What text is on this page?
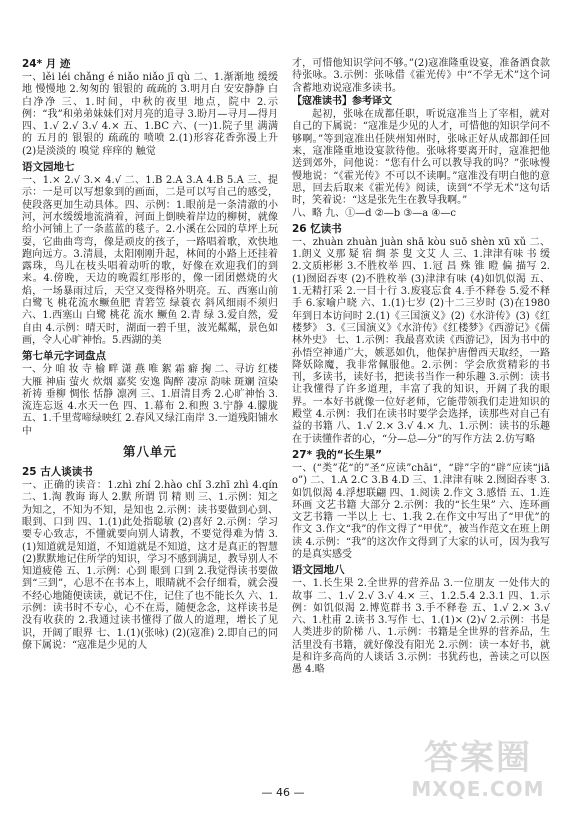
24* 月 迹

一、lěi léi chǎng é niǎo niǎo jī qù 二、1.渐渐地 缓缓地 慢慢地 2.匆匆的 银银的 疏疏的 3.明月白 安安静静 白白净净 三、1.时间，中秋的夜里 地点，院中 2.示例：“我”和弟弟妹妹们对月亮的追寻 3.盼月—寻月—得月 四、1.√ 2.√ 3.√ 4.× 五、1.BC 六、(一)1.院子里 满满的 五月的 银银的 疏疏的 喷喷 2.(1)形容花香弥漫上升 (2)是淡淡的 嗅觉 痒痒的 触觉

语文园地七

一、1.× 2.√ 3.× 4.√ 二、1.B 2.A 3.A 4.B 5.A 三、提示：一是可以写想象到的画面，二是可以写自己的感受，使段落更加生动具体。四、示例：1.眼前是一条清澈的小河，河水缓缓地流淌着，河面上倒映着岸边的柳树，就像给小河铺上了一条蓝蓝的毯子。2.小溪在公园的草坪上玩耍，它曲曲弯弯，像是顽皮的孩子，一路唱着歌，欢快地跑向远方。3.清晨，太阳刚刚升起，林间的小路上还挂着露珠，鸟儿在枝头唱着动听的歌，好像在欢迎我们的到来。4.傍晚，天边的晚霞红彤彤的，像一团团燃烧的火焰，一场暴雨过后，天空又变得格外明亮。五、西塞山前白鹭飞 桃花流水鳜鱼肥 青箬笠 绿蓑衣 斜风细雨不须归 六、1.西塞山 白鹭 桃花 流水 鳜鱼 2.青 绿 3.爱自然，爱自由 4.示例：晴天时，湖面一碧千里，波光粼粼，景色如画，令人心旷神怡。5.西湖的美

第七单元字词盘点

一、分 咱 妆 寺 榆 畔 潇 燕 唯 絮 霜 癖 掬 二、寻访 红楼 大雁 神庙 萤火 炊烟 嘉奖 安逸 陶醉 凄凉 韵味 斑斓 渲染 祈祷 垂柳 惆怅 恬静 凛冽 三、1.眉清目秀 2.心旷神怡 3.流连忘返 4.水天一色 四、1.幕布 2.和煦 3.宁静 4.朦胧 五、1.千里莺啼绿映红 2.春风又绿江南岸 3.一道残阳铺水中

第八单元
25 古人谈读书

一、正确的读音：1.zhì zhí 2.hào chǐ 3.zhī zhì 4.qín 二、1.淘 教诲 诲人 2.默 所谓 罚 精 则 三、1.示例：知之为知之，不知为不知，是知也 2.示例：读书要做到心到、眼到、口到 四、1.(1)此处指聪敏 (2)喜好 2.示例：学习要专心致志，不懂就要向别人请教，不要觉得难为情 3.(1)知道就是知道，不知道就是不知道，这才是真正的智慧 (2)默默地记住所学的知识，学习不感到满足，教导别人不知道疲倦 五、1.示例：心到 眼到 口到 2.我觉得读书要做到“三到”，心思不在书本上，眼睛就不会仔细看，就会漫不经心地随便读读，就记不住，记住了也不能长久 六、1.示例：读书时不专心，心不在焉，随便念念，这样读书是没有收获的 2.我通过读书懂得了做人的道理，增长了见识，开阔了眼界 七、1.(1)(张咏) (2)(寇准) 2.即自己的同僚下属说：“寇准是少见的人

才，可惜他知识学问不够。”(2)寇准隆重设宴，准备酒食款待张咏。3.示例：张咏借《霍光传》中“不学无术”这个词含蓄地劝说寇准多读书。

【寇准读书】参考译文

起初，张咏在成都任职，听说寇准当上了宰相，就对自己的下属说：“寇准是少见的人才，可惜他的知识学问不够啊。”等到寇准出任陕州知州时，张咏正好从成都卸任回来，寇准隆重地设宴款待他。张咏将要离开时，寇准把他送到郊外，问他说：“您有什么可以教导我的吗？”张咏慢慢地说：“《霍光传》不可以不读啊。”寇准没有明白他的意思，回去后取来《霍光传》阅读，读到“不学无术”这句话时，笑着说：“这是张先生在教导我啊。”

八、略 九、①—d ②—b ③—a ④—c

26 忆读书

一、zhuàn zhuàn juàn shā kòu suō shèn xū xǔ 二、1.朗义 义那 疑 宿 绸 茶 叟 文艾 人 三、1.津津有味 书 缓 2.文质彬彬 3.不胜枚举 四、1.冠 昌 殊 锥 瞪 偏 描写 2.(1)囫囵吞枣 (2)不胜枚举 (3)津津有味 (4)如饥似渴 五、1.无精打采 2.一目十行 3.废寝忘食 4.手不释卷 5.爱不释手 6.家喻户晓 六、1.(1)七岁 (2)十二三岁时 (3)在1980年到日本访问时 2.(1)《三国演义》(2)《水浒传》(3)《红楼梦》 3.《三国演义》《水浒传》《红楼梦》《西游记》《儒林外史》 七、1.示例：我最喜欢读《西游记》，因为书中的孙悟空神通广大，嫉恶如仇，他保护唐僧西天取经，一路降妖除魔，我非常佩服他。2.示例：学会欣赏精彩的书刊，多读书，读好书，把读书当作一种乐趣 3.示例：读书让我懂得了许多道理，丰富了我的知识，开阔了我的眼界。一本好书就像一位好老师，它能带领我们走进知识的殿堂 4.示例：我们在读书时要学会选择，读那些对自己有益的书籍 八、1.√ 2.× 3.√ 4.× 九、1.示例：读书的乐趣在于读懂作者的心，“分—总—分”的写作方法 2.仿写略

27* 我的“长生果”

一、(“类”花“的”圣“应读”chāi“，“辟”字的“辟”应读“jiāo”) 二、1.A 2.C 3.B 4.D 三、1.津津有味 2.囫囵吞枣 3.如饥似渴 4.浮想联翩 四、1.阅读 2.作文 3.感悟 五、1.连环画 文艺书籍 大部分 2.示例：我的“长生果” 六、连环画 文艺书籍 一半以上 七、1.我 2.在作文中写出了“甲优”的作文 3.作文“我”的作文得了“甲优”，被当作范文在班上朗读 4.示例：“我”的这次作文得到了大家的认可，因为我写的是真实感受

语文园地八

一、1.长生果 2.全世界的营养品 3.一位朋友 一处伟大的故事 二、1.√ 2.√ 3.√ 4.× 三、1.2.5.4 2.3.1 四、1.示例：如饥似渴 2.博览群书 3.手不释卷 五、1.√ 2.× 3.√ 六、1.杜甫 2.读书 3.写作 七、1.(1)× (2)√ 2.示例：书是人类进步的阶梯 八、1.示例：书籍是全世界的营养品，生活里没有书籍，就好像没有阳光 2.示例：读一本好书，就是和许多高尚的人谈话 3.示例：书犹药也，善读之可以医愚 4.略

答案圈
MXQE.COM
— 46 —
